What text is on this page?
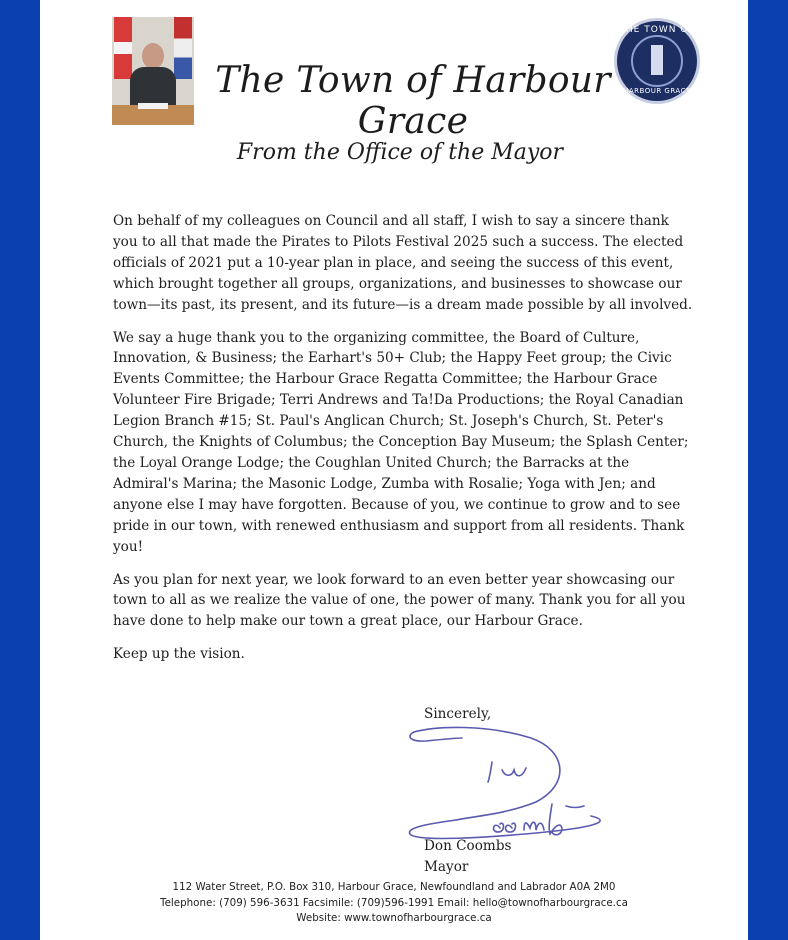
The Town of Harbour Grace
THE TOWN OF
HARBOUR GRACE
From the Office of the Mayor

On behalf of my colleagues on Council and all staff, I wish to say a sincere thank you to all that made the Pirates to Pilots Festival 2025 such a success. The elected officials of 2021 put a 10-year plan in place, and seeing the success of this event, which brought together all groups, organizations, and businesses to showcase our town—its past, its present, and its future—is a dream made possible by all involved.

We say a huge thank you to the organizing committee, the Board of Culture, Innovation, & Business; the Earhart's 50+ Club; the Happy Feet group; the Civic Events Committee; the Harbour Grace Regatta Committee; the Harbour Grace Volunteer Fire Brigade; Terri Andrews and Ta!Da Productions; the Royal Canadian Legion Branch #15; St. Paul's Anglican Church; St. Joseph's Church, St. Peter's Church, the Knights of Columbus; the Conception Bay Museum; the Splash Center; the Loyal Orange Lodge; the Coughlan United Church; the Barracks at the Admiral's Marina; the Masonic Lodge, Zumba with Rosalie; Yoga with Jen; and anyone else I may have forgotten. Because of you, we continue to grow and to see pride in our town, with renewed enthusiasm and support from all residents. Thank you!

As you plan for next year, we look forward to an even better year showcasing our town to all as we realize the value of one, the power of many. Thank you for all you have done to help make our town a great place, our Harbour Grace.

Keep up the vision.

Sincerely,
Don Coombs
Mayor
112 Water Street, P.O. Box 310, Harbour Grace, Newfoundland and Labrador A0A 2M0
Telephone: (709) 596-3631 Facsimile: (709)596-1991 Email: hello@townofharbourgrace.ca
Website: www.townofharbourgrace.ca
